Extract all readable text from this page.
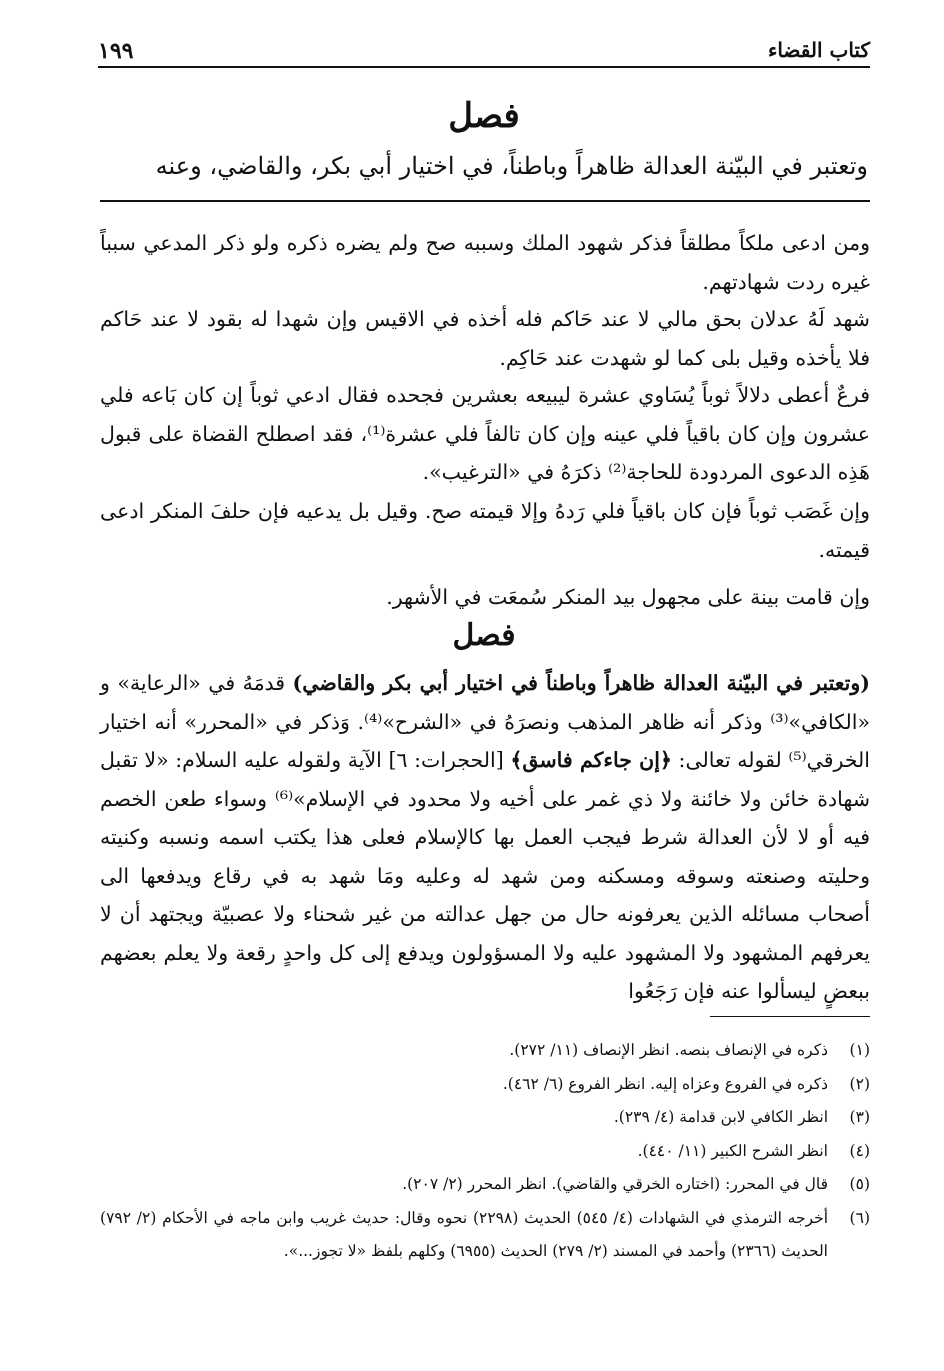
كتاب القضاء
١٩٩
فصل
وتعتبر في البيّنة العدالة ظاهراً وباطناً، في اختيار أبي بكر، والقاضي، وعنه
ومن ادعى ملكاً مطلقاً فذكر شهود الملك وسببه صح ولم يضره ذكره ولو ذكر المدعي سبباً غيره ردت شهادتهم.
شهد لَهُ عدلان بحق مالي لا عند حَاكم فله أخذه في الاقيس وإن شهدا له بقود لا عند حَاكم فلا يأخذه وقيل بلى كما لو شهدت عند حَاكِم.
فرعٌ أعطى دلالاً ثوباً يُسَاوي عشرة ليبيعه بعشرين فجحده فقال ادعي ثوباً إن كان بَاعه فلي عشرون وإن كان باقياً فلي عينه وإن كان تالفاً فلي عشرة⁽¹⁾، فقد اصطلح القضاة على قبول هَذِه الدعوى المردودة للحاجة⁽²⁾ ذكرَهُ في «الترغيب».
وإن غَصَب ثوباً فإن كان باقياً فلي رَدهُ وإلا قيمته صح. وقيل بل يدعيه فإن حلفَ المنكر ادعى قيمته.
وإن قامت بينة على مجهول بيد المنكر سُمعَت في الأشهر.
فصل
(وتعتبر في البيّنة العدالة ظاهراً وباطناً في اختيار أبي بكر والقاضي) قدمَهُ في «الرعاية» و «الكافي»⁽³⁾ وذكر أنه ظاهر المذهب ونصرَهُ في «الشرح»⁽⁴⁾. وَذكر في «المحرر» أنه اختيار الخرقي⁽⁵⁾ لقوله تعالى: ﴿إن جاءكم فاسق﴾ [الحجرات: ٦] الآية ولقوله عليه السلام: «لا تقبل شهادة خائن ولا خائنة ولا ذي غمر على أخيه ولا محدود في الإسلام»⁽⁶⁾ وسواء طعن الخصم فيه أو لا لأن العدالة شرط فيجب العمل بها كالإسلام فعلى هذا يكتب اسمه ونسبه وكنيته وحليته وصنعته وسوقه ومسكنه ومن شهد له وعليه ومَا شهد به في رقاع ويدفعها الى أصحاب مسائله الذين يعرفونه حال من جهل عدالته من غير شحناء ولا عصبيّة ويجتهد أن لا يعرفهم المشهود ولا المشهود عليه ولا المسؤولون ويدفع إلى كل واحدٍ رقعة ولا يعلم بعضهم ببعضٍ ليسألوا عنه فإن رَجَعُوا
(١)
ذكره في الإنصاف بنصه. انظر الإنصاف (١١/ ٢٧٢).
(٢)
ذكره في الفروع وعزاه إليه. انظر الفروع (٦/ ٤٦٢).
(٣)
انظر الكافي لابن قدامة (٤/ ٢٣٩).
(٤)
انظر الشرح الكبير (١١/ ٤٤٠).
(٥)
قال في المحرر: (اختاره الخرقي والقاضي). انظر المحرر (٢/ ٢٠٧).
(٦)
أخرجه الترمذي في الشهادات (٤/ ٥٤٥) الحديث (٢٢٩٨) نحوه وقال: حديث غريب وابن ماجه في الأحكام (٢/ ٧٩٢) الحديث (٢٣٦٦) وأحمد في المسند (٢/ ٢٧٩) الحديث (٦٩٥٥) وكلهم بلفظ «لا تجوز...».
